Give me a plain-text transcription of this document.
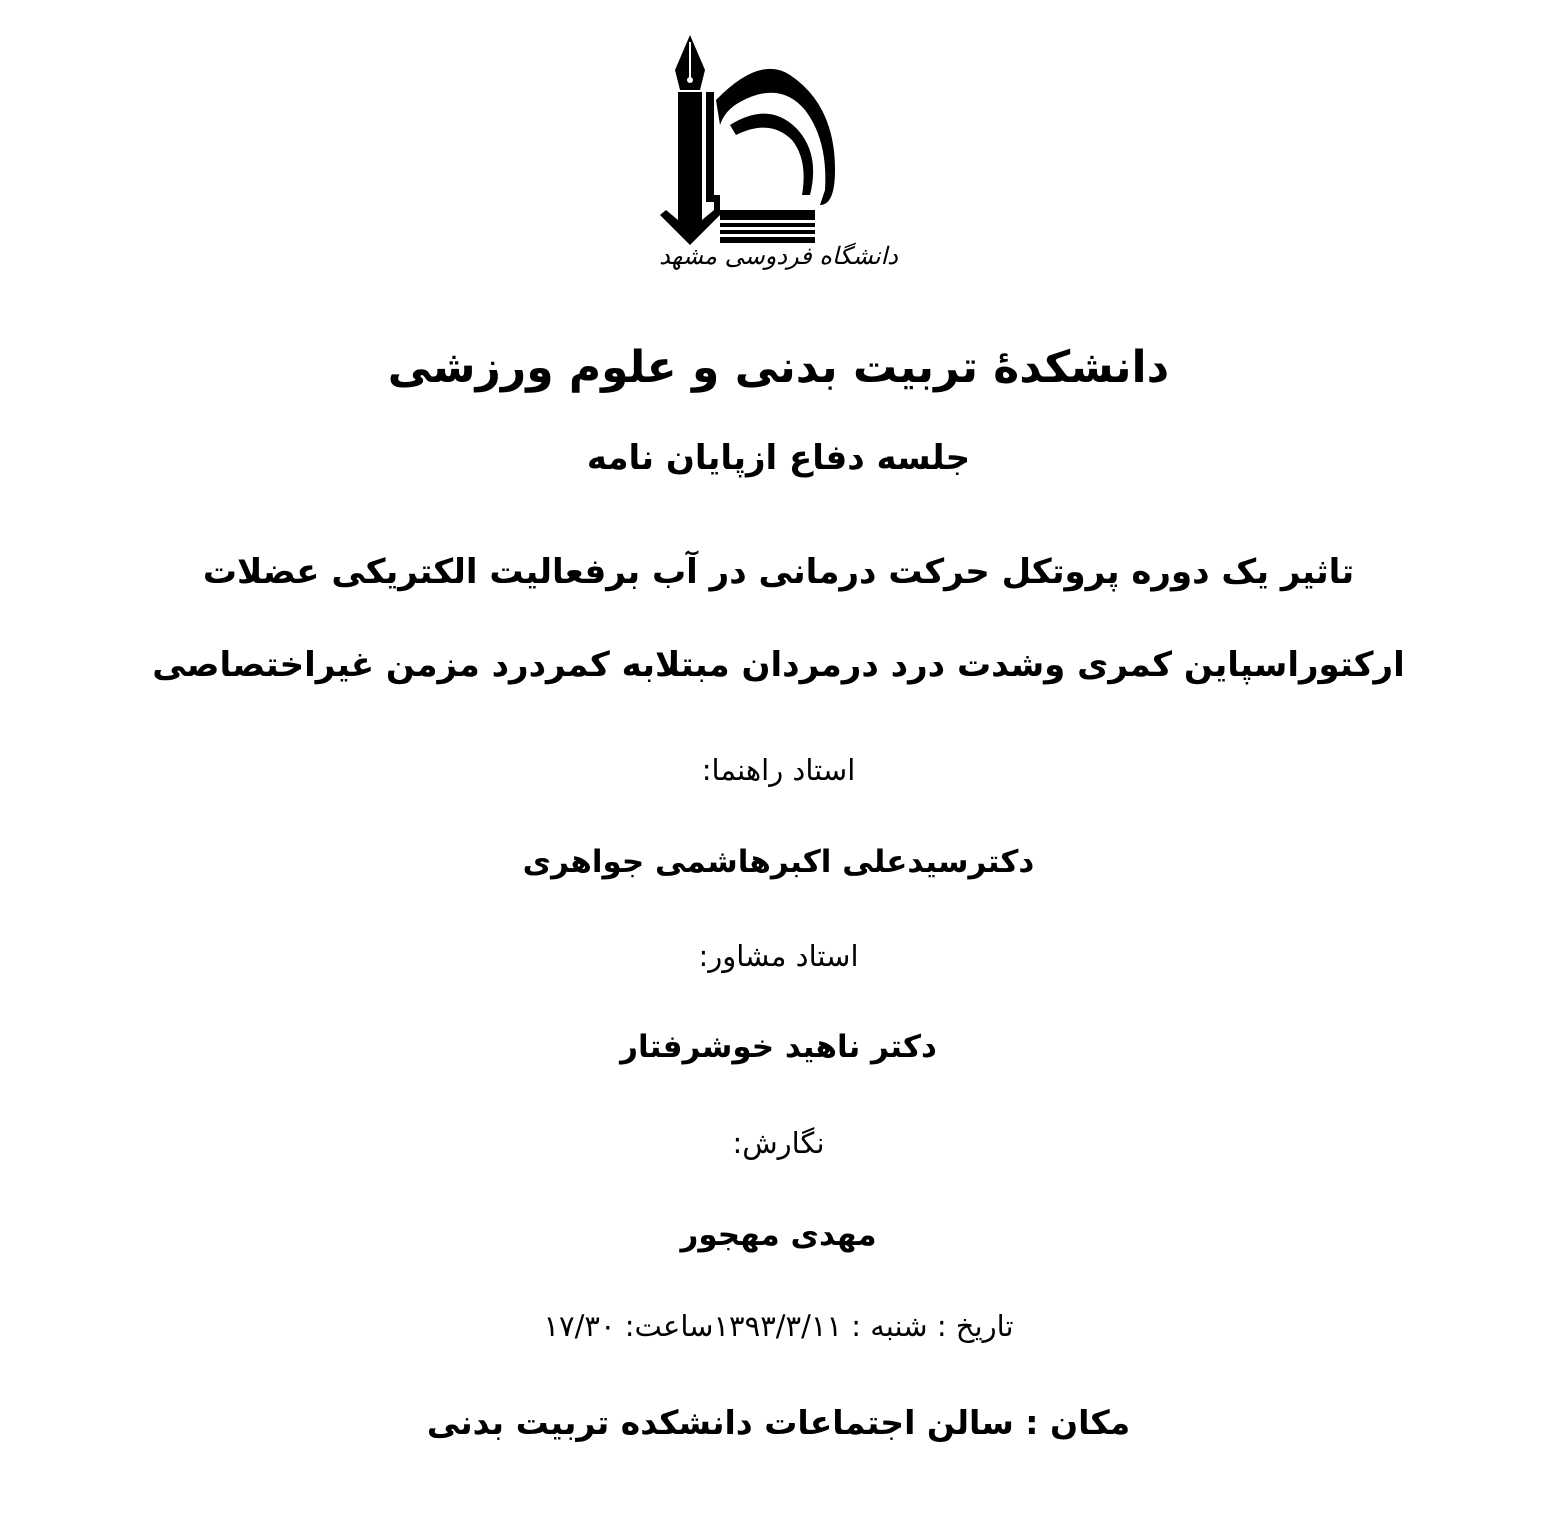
دانشگاه فردوسی مشهد

دانشکدهٔ تربیت بدنی و علوم ورزشی

جلسه دفاع ازپایان نامه

تاثیر یک دوره پروتکل حرکت درمانی در آب برفعالیت الکتریکی عضلات

ارکتوراسپاین کمری وشدت درد درمردان مبتلابه کمردرد مزمن غیراختصاصی

استاد راهنما:

دکترسیدعلی اکبرهاشمی جواهری

استاد مشاور:

دکتر ناهید خوشرفتار

نگارش:

مهدی مهجور

تاریخ : شنبه : ۱۳۹۳/۳/۱۱ساعت: ۱۷/۳۰

مکان : سالن اجتماعات دانشکده تربیت بدنی
